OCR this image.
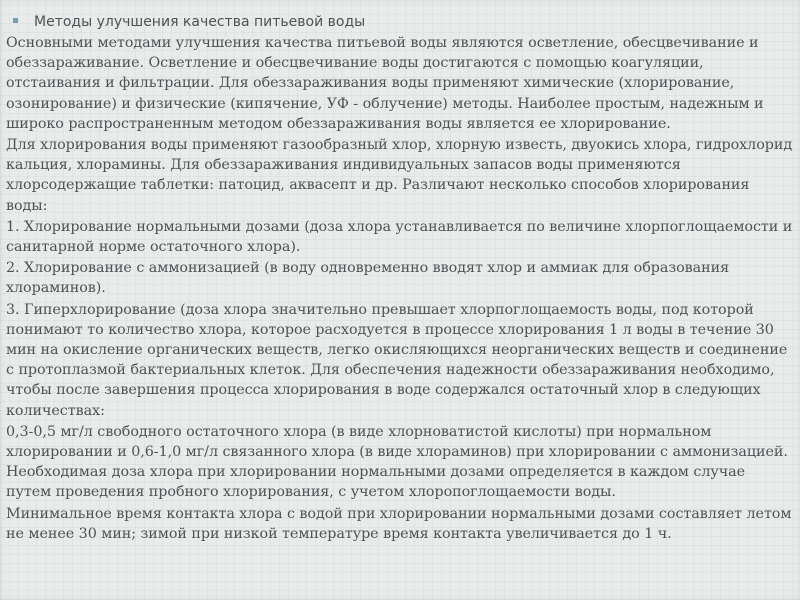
Методы улучшения качества питьевой воды

Основными методами улучшения качества питьевой воды являются осветление, обесцвечивание и обеззараживание. Осветление и обесцвечивание воды достигаются с помощью коагуляции, отстаивания и фильтрации. Для обеззараживания воды применяют химические (хлорирование, озонирование) и физические (кипячение, УФ - облучение) методы. Наиболее простым, надежным и широко распространенным методом обеззараживания воды является ее хлорирование.

Для хлорирования воды применяют газообразный хлор, хлорную известь, двуокись хлора, гидрохлорид кальция, хлорамины. Для обеззараживания индивидуальных запасов воды применяются хлорсодержащие таблетки: патоцид, аквасепт и др. Различают несколько способов хлорирования воды:

1. Хлорирование нормальными дозами (доза хлора устанавливается по величине хлорпоглощаемости и санитарной норме остаточного хлора).

2. Хлорирование с аммонизацией (в воду одновременно вводят хлор и аммиак для образования хлораминов).

3. Гиперхлорирование (доза хлора значительно превышает хлорпоглощаемость воды, под которой понимают то количество хлора, которое расходуется в процессе хлорирования 1 л воды в течение 30 мин на окисление органических веществ, легко окисляющихся неорганических веществ и соединение с протоплазмой бактериальных клеток. Для обеспечения надежности обеззараживания необходимо, чтобы после завершения процесса хлорирования в воде содержался остаточный хлор в следующих количествах:

0,3-0,5 мг/л свободного остаточного хлора (в виде хлорноватистой кислоты) при нормальном хлорировании и 0,6-1,0 мг/л связанного хлора (в виде хлораминов) при хлорировании с аммонизацией. Необходимая доза хлора при хлорировании нормальными дозами определяется в каждом случае путем проведения пробного хлорирования, с учетом хлоропоглощаемости воды.

Минимальное время контакта хлора с водой при хлорировании нормальными дозами составляет летом не менее 30 мин; зимой при низкой температуре время контакта увеличивается до 1 ч.
